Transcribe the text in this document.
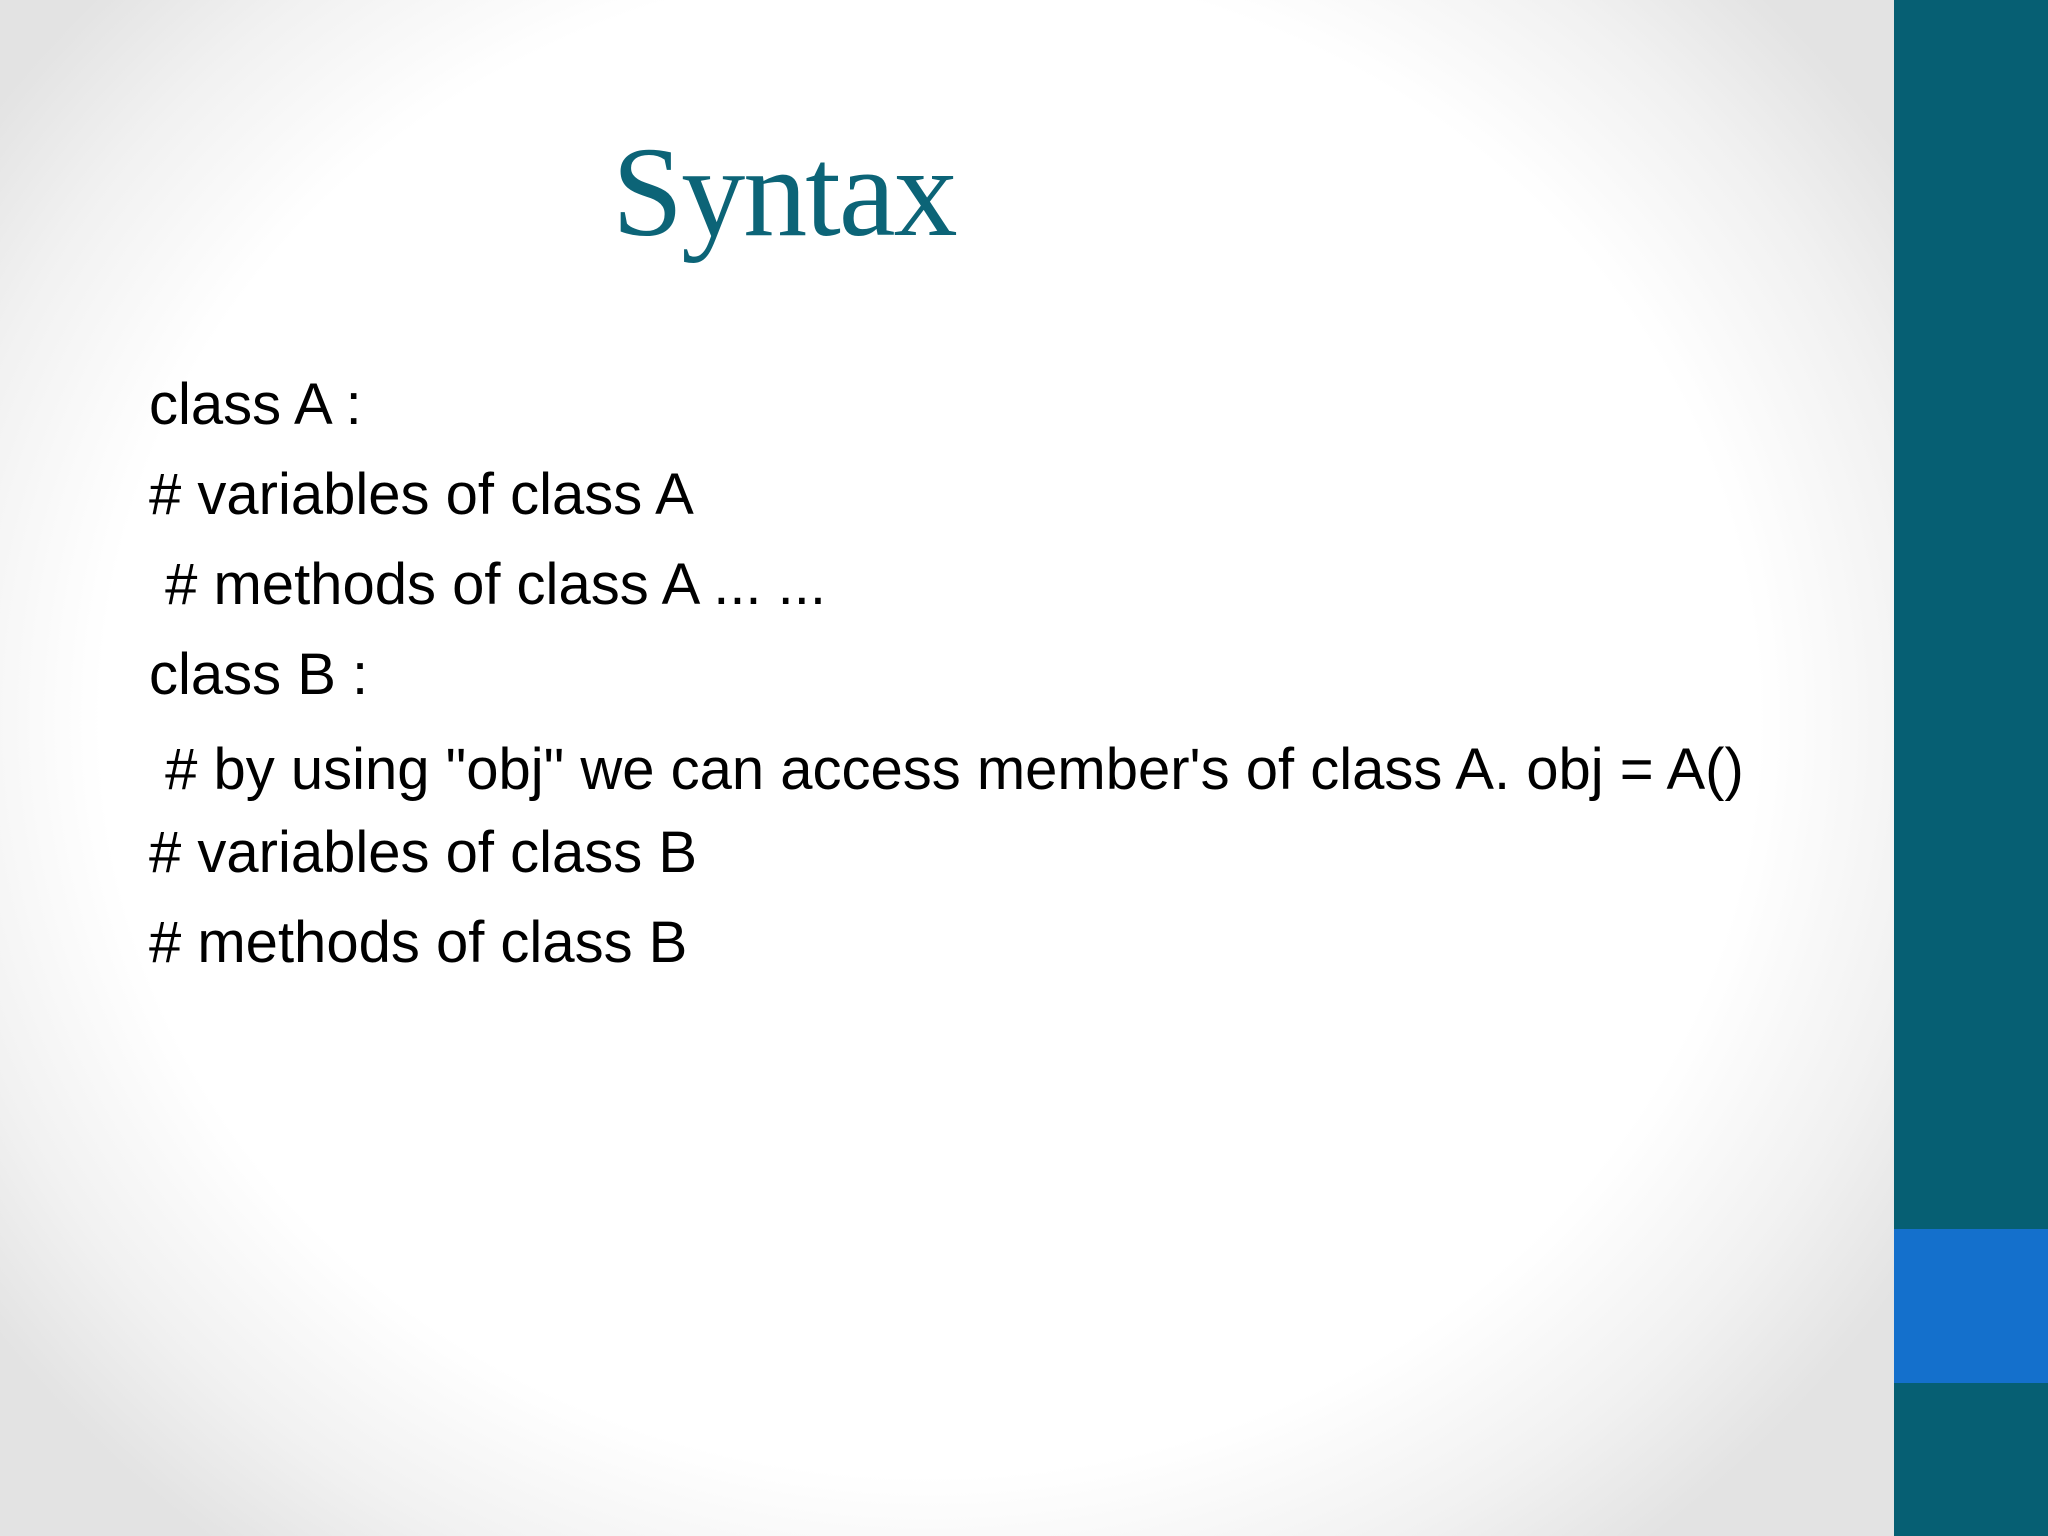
Syntax

class A :

# variables of class A

# methods of class A ... ...

class B :

# by using "obj" we can access member's of class A. obj = A()

# variables of class B

# methods of class B
